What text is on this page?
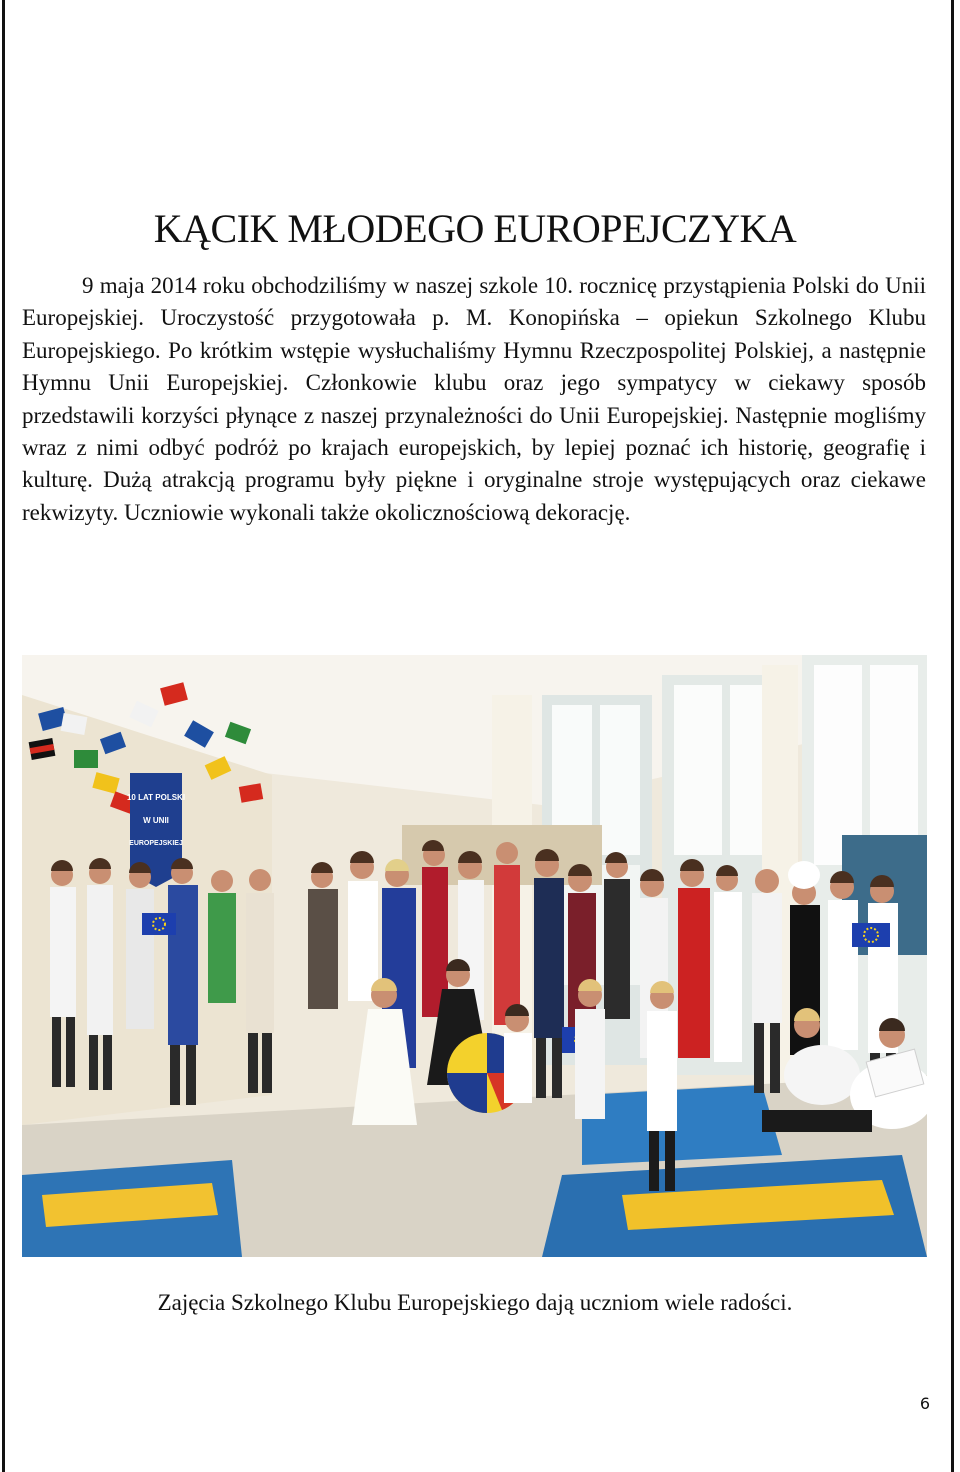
KĄCIK MŁODEGO EUROPEJCZYKA

9 maja 2014 roku obchodziliśmy w naszej szkole 10. rocznicę przystąpienia Polski do Unii Europejskiej. Uroczystość przygotowała p. M. Konopińska – opiekun Szkolnego Klubu Europejskiego. Po krótkim wstępie wysłuchaliśmy Hymnu Rzeczpospolitej Polskiej, a następnie Hymnu Unii Europejskiej. Członkowie klubu oraz jego sympatycy w ciekawy sposób przedstawili korzyści płynące z naszej przynależności do Unii Europejskiej. Następnie mogliśmy wraz z nimi odbyć podróż po krajach europejskich, by lepiej poznać ich historię, geografię i kulturę. Dużą atrakcją programu były piękne i oryginalne stroje występujących oraz ciekawe rekwizyty. Uczniowie wykonali także okolicznościową dekorację.

10 LAT POLSKI
W UNII
EUROPEJSKIEJ
Zajęcia Szkolnego Klubu Europejskiego dają uczniom wiele radości.
6
